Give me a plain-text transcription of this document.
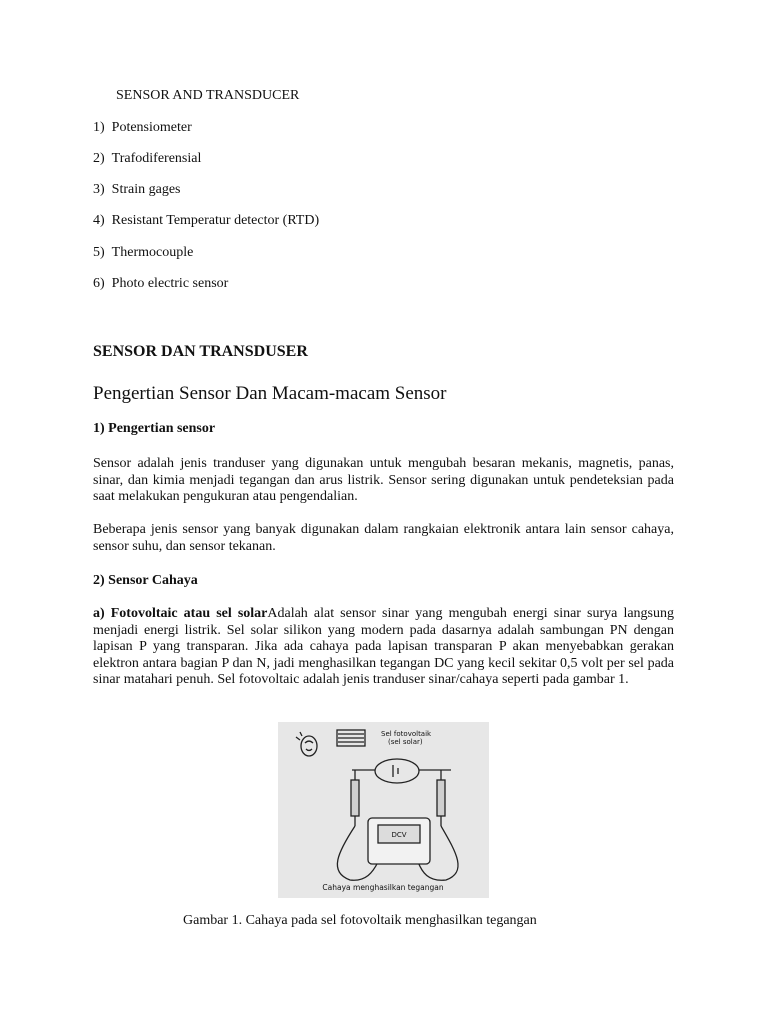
SENSOR AND TRANSDUCER
1) Potensiometer
2) Trafodiferensial
3) Strain gages
4) Resistant Temperatur detector (RTD)
5) Thermocouple
6) Photo electric sensor
SENSOR DAN TRANSDUSER
Pengertian Sensor Dan Macam-macam Sensor
1) Pengertian sensor
Sensor adalah jenis tranduser yang digunakan untuk mengubah besaran mekanis, magnetis, panas, sinar, dan kimia menjadi tegangan dan arus listrik. Sensor sering digunakan untuk pendeteksian pada saat melakukan pengukuran atau pengendalian.
Beberapa jenis sensor yang banyak digunakan dalam rangkaian elektronik antara lain sensor cahaya, sensor suhu, dan sensor tekanan.
2) Sensor Cahaya
a) Fotovoltaic atau sel solarAdalah alat sensor sinar yang mengubah energi sinar surya langsung menjadi energi listrik. Sel solar silikon yang modern pada dasarnya adalah sambungan PN dengan lapisan P yang transparan. Jika ada cahaya pada lapisan transparan P akan menyebabkan gerakan elektron antara bagian P dan N, jadi menghasilkan tegangan DC yang kecil sekitar 0,5 volt per sel pada sinar matahari penuh. Sel fotovoltaic adalah jenis tranduser sinar/cahaya seperti pada gambar 1.
Sel fotovoltaik
(sel solar)
DCV
Cahaya menghasilkan tegangan
Gambar 1. Cahaya pada sel fotovoltaik menghasilkan tegangan
